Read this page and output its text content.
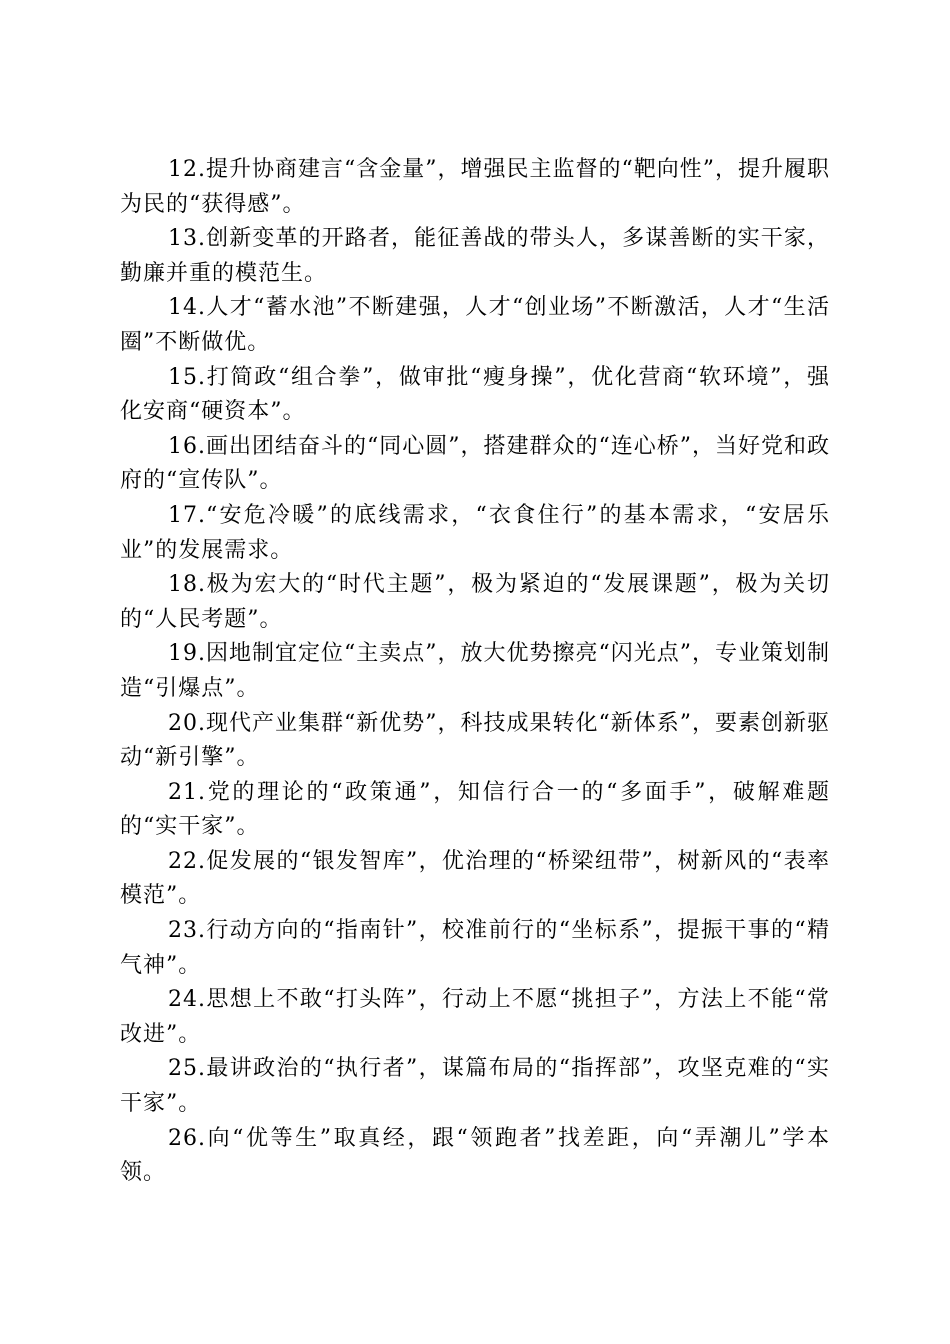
12.提升协商建言“含金量”，增强民主监督的“靶向性”，提升履职为民的“获得感”。

13.创新变革的开路者，能征善战的带头人，多谋善断的实干家，勤廉并重的模范生。

14.人才“蓄水池”不断建强，人才“创业场”不断激活，人才“生活圈”不断做优。

15.打简政“组合拳”，做审批“瘦身操”，优化营商“软环境”，强化安商“硬资本”。

16.画出团结奋斗的“同心圆”，搭建群众的“连心桥”，当好党和政府的“宣传队”。

17.“安危冷暖”的底线需求，“衣食住行”的基本需求，“安居乐业”的发展需求。

18.极为宏大的“时代主题”，极为紧迫的“发展课题”，极为关切的“人民考题”。

19.因地制宜定位“主卖点”，放大优势擦亮“闪光点”，专业策划制造“引爆点”。

20.现代产业集群“新优势”，科技成果转化“新体系”，要素创新驱动“新引擎”。

21.党的理论的“政策通”，知信行合一的“多面手”，破解难题的“实干家”。

22.促发展的“银发智库”，优治理的“桥梁纽带”，树新风的“表率模范”。

23.行动方向的“指南针”，校准前行的“坐标系”，提振干事的“精气神”。

24.思想上不敢“打头阵”，行动上不愿“挑担子”，方法上不能“常改进”。

25.最讲政治的“执行者”，谋篇布局的“指挥部”，攻坚克难的“实干家”。

26.向“优等生”取真经，跟“领跑者”找差距，向“弄潮儿”学本领。
